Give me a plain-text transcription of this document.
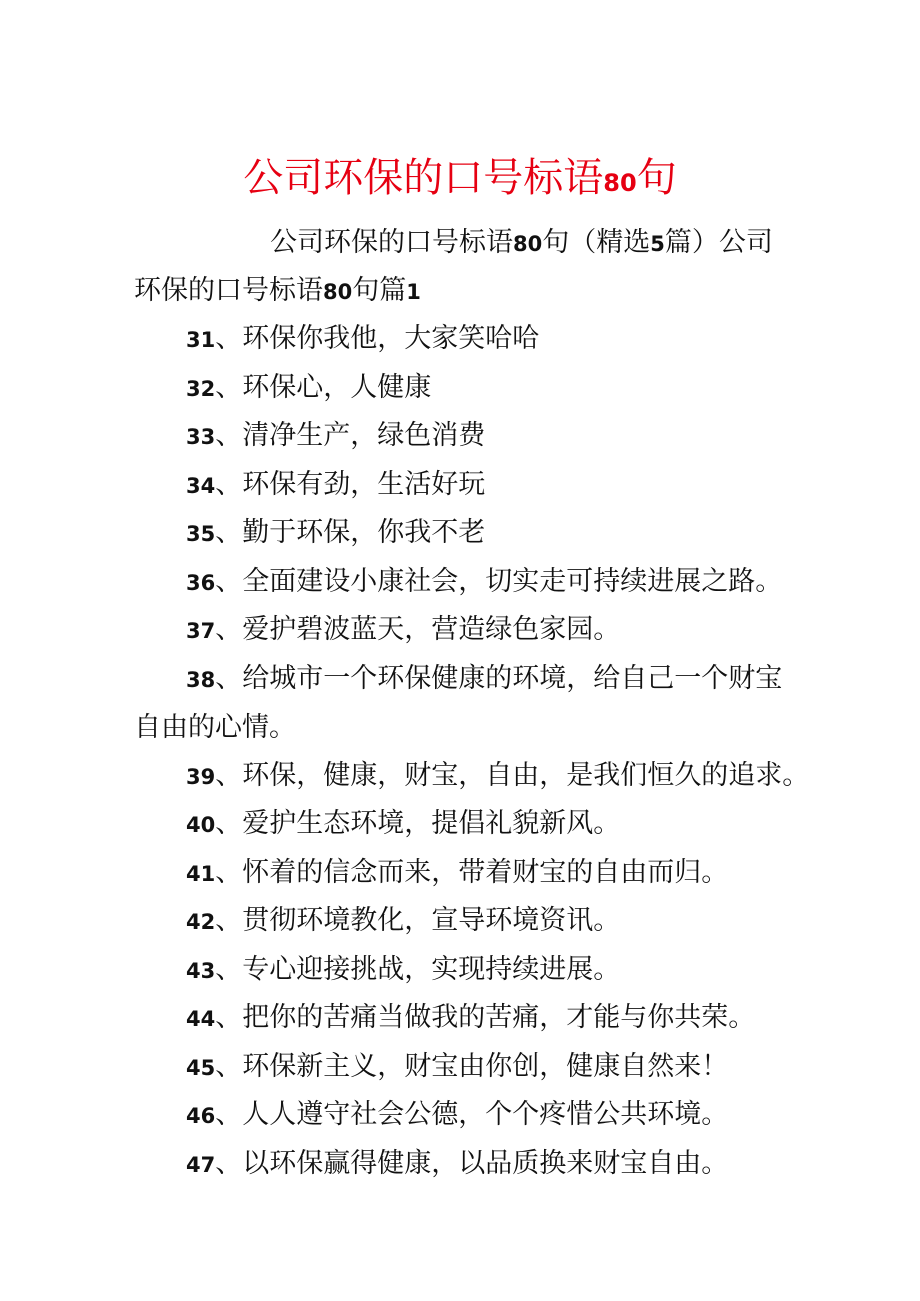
公司环保的口号标语80句
公司环保的口号标语80句（精选5篇）公司
环保的口号标语80句篇1
31、环保你我他，大家笑哈哈
32、环保心，人健康
33、清净生产，绿色消费
34、环保有劲，生活好玩
35、勤于环保，你我不老
36、全面建设小康社会，切实走可持续进展之路。
37、爱护碧波蓝天，营造绿色家园。
38、给城市一个环保健康的环境，给自己一个财宝
自由的心情。
39、环保，健康，财宝，自由，是我们恒久的追求。
40、爱护生态环境，提倡礼貌新风。
41、怀着的信念而来，带着财宝的自由而归。
42、贯彻环境教化，宣导环境资讯。
43、专心迎接挑战，实现持续进展。
44、把你的苦痛当做我的苦痛，才能与你共荣。
45、环保新主义，财宝由你创，健康自然来！
46、人人遵守社会公德，个个疼惜公共环境。
47、以环保赢得健康，以品质换来财宝自由。
